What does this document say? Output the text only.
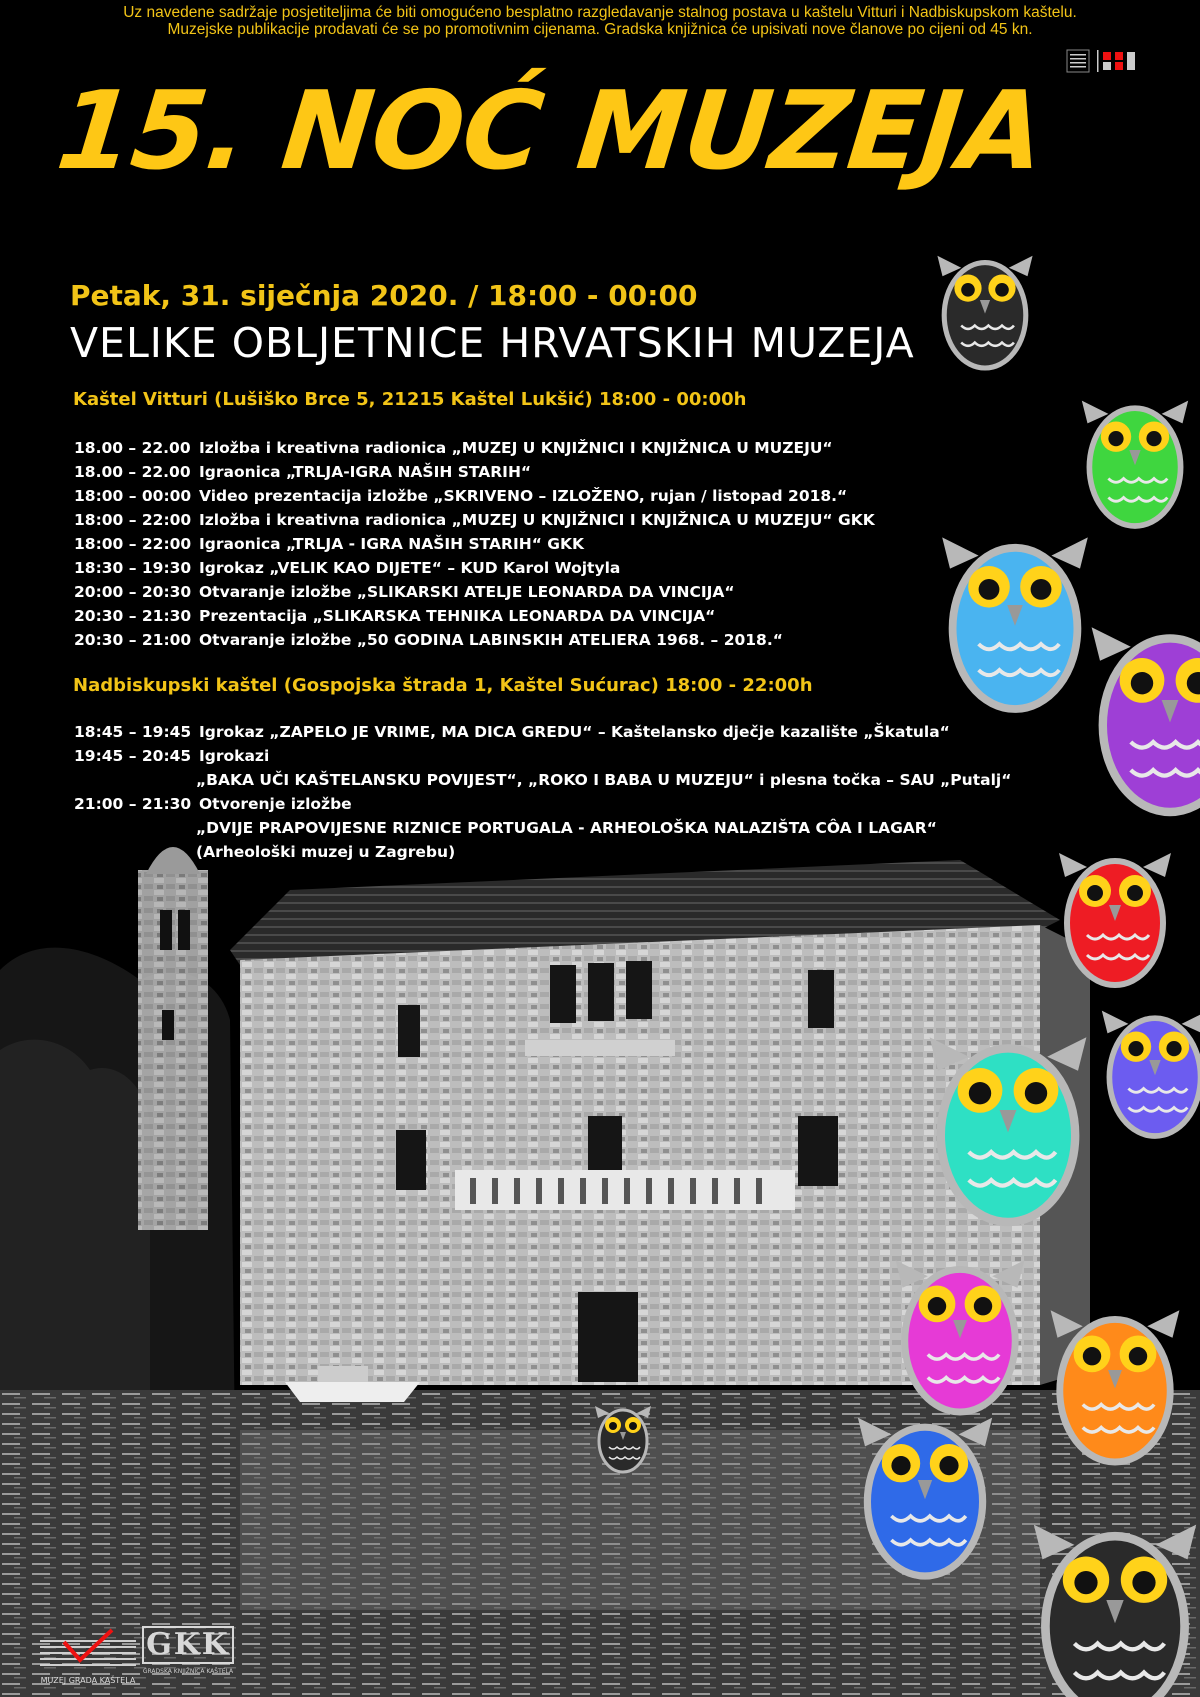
Uz navedene sadržaje posjetiteljima će biti omogućeno besplatno razgledavanje stalnog postava u kaštelu Vitturi i Nadbiskupskom kaštelu.
Muzejske publikacije prodavati će se po promotivnim cijenama. Gradska knjižnica će upisivati nove članove po cijeni od 45 kn.
15. NOĆ MUZEJA
Petak, 31. siječnja 2020. / 18:00 - 00:00
VELIKE OBLJETNICE HRVATSKIH MUZEJA
Kaštel Vitturi (Lušiško Brce 5, 21215 Kaštel Lukšić) 18:00 - 00:00h
18.00 – 22.00 Izložba i kreativna radionica „MUZEJ U KNJIŽNICI I KNJIŽNICA U MUZEJU“
18.00 – 22.00 Igraonica „TRLJA-IGRA NAŠIH STARIH“
18:00 – 00:00 Video prezentacija izložbe „SKRIVENO – IZLOŽENO, rujan / listopad 2018.“
18:00 – 22:00 Izložba i kreativna radionica „MUZEJ U KNJIŽNICI I KNJIŽNICA U MUZEJU“ GKK
18:00 – 22:00 Igraonica „TRLJA - IGRA NAŠIH STARIH“ GKK
18:30 – 19:30 Igrokaz „VELIK KAO DIJETE“ – KUD Karol Wojtyla
20:00 – 20:30 Otvaranje izložbe „SLIKARSKI ATELJE LEONARDA DA VINCIJA“
20:30 – 21:30 Prezentacija „SLIKARSKA TEHNIKA LEONARDA DA VINCIJA“
20:30 – 21:00 Otvaranje izložbe „50 GODINA LABINSKIH ATELIERA 1968. – 2018.“
Nadbiskupski kaštel (Gospojska štrada 1, Kaštel Sućurac) 18:00 - 22:00h
18:45 – 19:45 Igrokaz „ZAPELO JE VRIME, MA DICA GREDU“ – Kaštelansko dječje kazalište „Škatula“
19:45 – 20:45 Igrokazi
„BAKA UČI KAŠTELANSKU POVIJEST“, „ROKO I BABA U MUZEJU“ i plesna točka – SAU „Putalj“
21:00 – 21:30 Otvorenje izložbe
„DVIJE PRAPOVIJESNE RIZNICE PORTUGALA - ARHEOLOŠKA NALAZIŠTA CÔA I LAGAR“
(Arheološki muzej u Zagrebu)
MUZEJ GRADA KAŠTELA
GKK
GRADSKA KNJIŽNICA KAŠTELA
